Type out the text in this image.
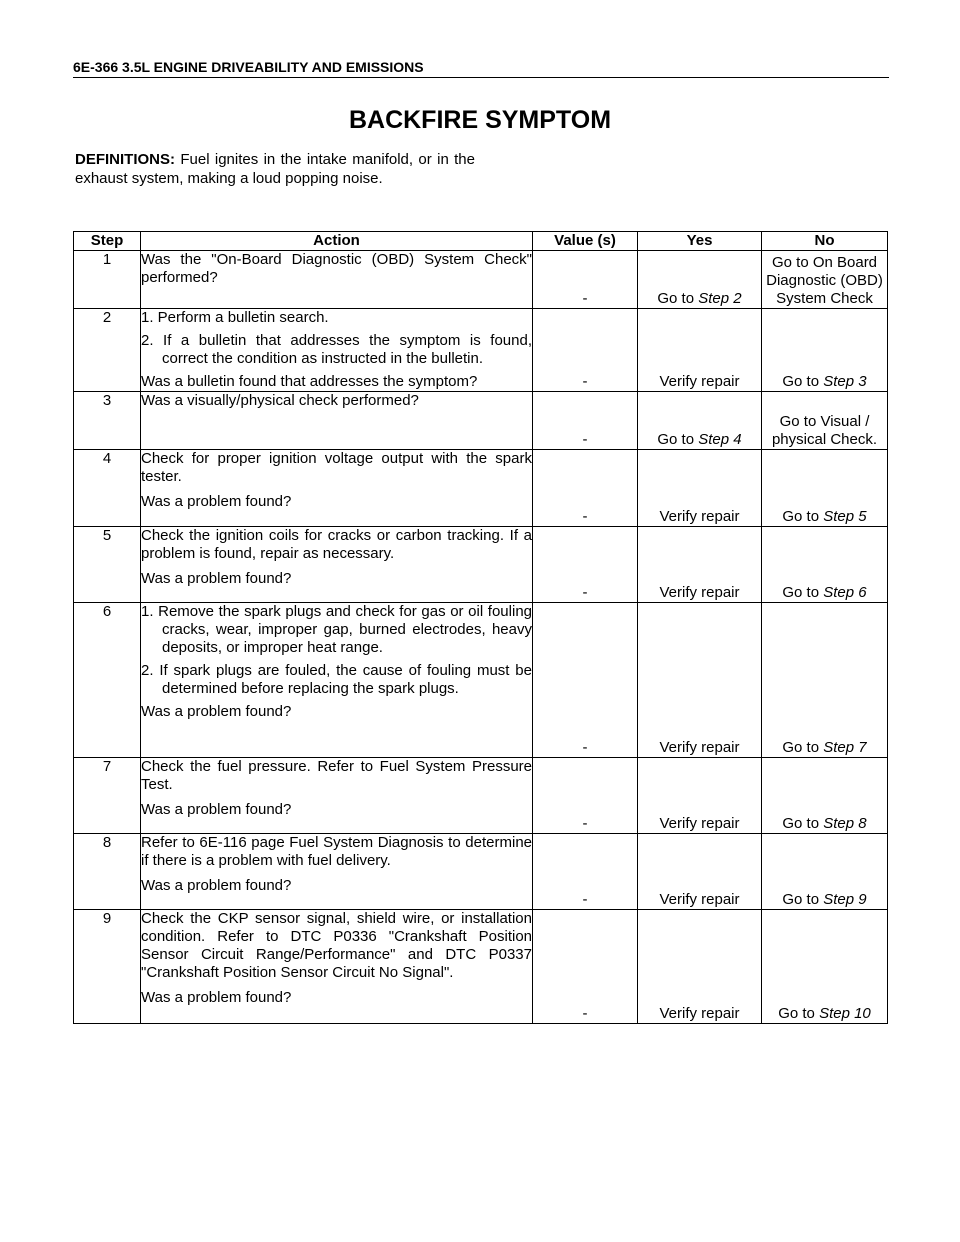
6E-366 3.5L ENGINE DRIVEABILITY AND EMISSIONS
BACKFIRE SYMPTOM
DEFINITIONS: Fuel ignites in the intake manifold, or in the exhaust system, making a loud popping noise.
Step	Action	Value (s)	Yes	No
1	Was the "On-Board Diagnostic (OBD) System Check" performed?	-	Go to Step 2	Go to On Board Diagnostic (OBD) System Check
2	1. Perform a bulletin search.
2. If a bulletin that addresses the symptom is found, correct the condition as instructed in the bulletin.

Was a bulletin found that addresses the symptom?	-	Verify repair	Go to Step 3
3	Was a visually/physical check performed?	-	Go to Step 4	Go to Visual / physical Check.
4	Check for proper ignition voltage output with the spark tester.

Was a problem found?	-	Verify repair	Go to Step 5
5	Check the ignition coils for cracks or carbon tracking. If a problem is found, repair as necessary.

Was a problem found?	-	Verify repair	Go to Step 6
6	1. Remove the spark plugs and check for gas or oil fouling cracks, wear, improper gap, burned electrodes, heavy deposits, or improper heat range.
2. If spark plugs are fouled, the cause of fouling must be determined before replacing the spark plugs.

Was a problem found?	-	Verify repair	Go to Step 7
7	Check the fuel pressure. Refer to Fuel System Pressure Test.

Was a problem found?	-	Verify repair	Go to Step 8
8	Refer to 6E-116 page Fuel System Diagnosis to determine if there is a problem with fuel delivery.

Was a problem found?	-	Verify repair	Go to Step 9
9	Check the CKP sensor signal, shield wire, or installation condition. Refer to DTC P0336 "Crankshaft Position Sensor Circuit Range/Performance" and DTC P0337 "Crankshaft Position Sensor Circuit No Signal".

Was a problem found?	-	Verify repair	Go to Step 10
